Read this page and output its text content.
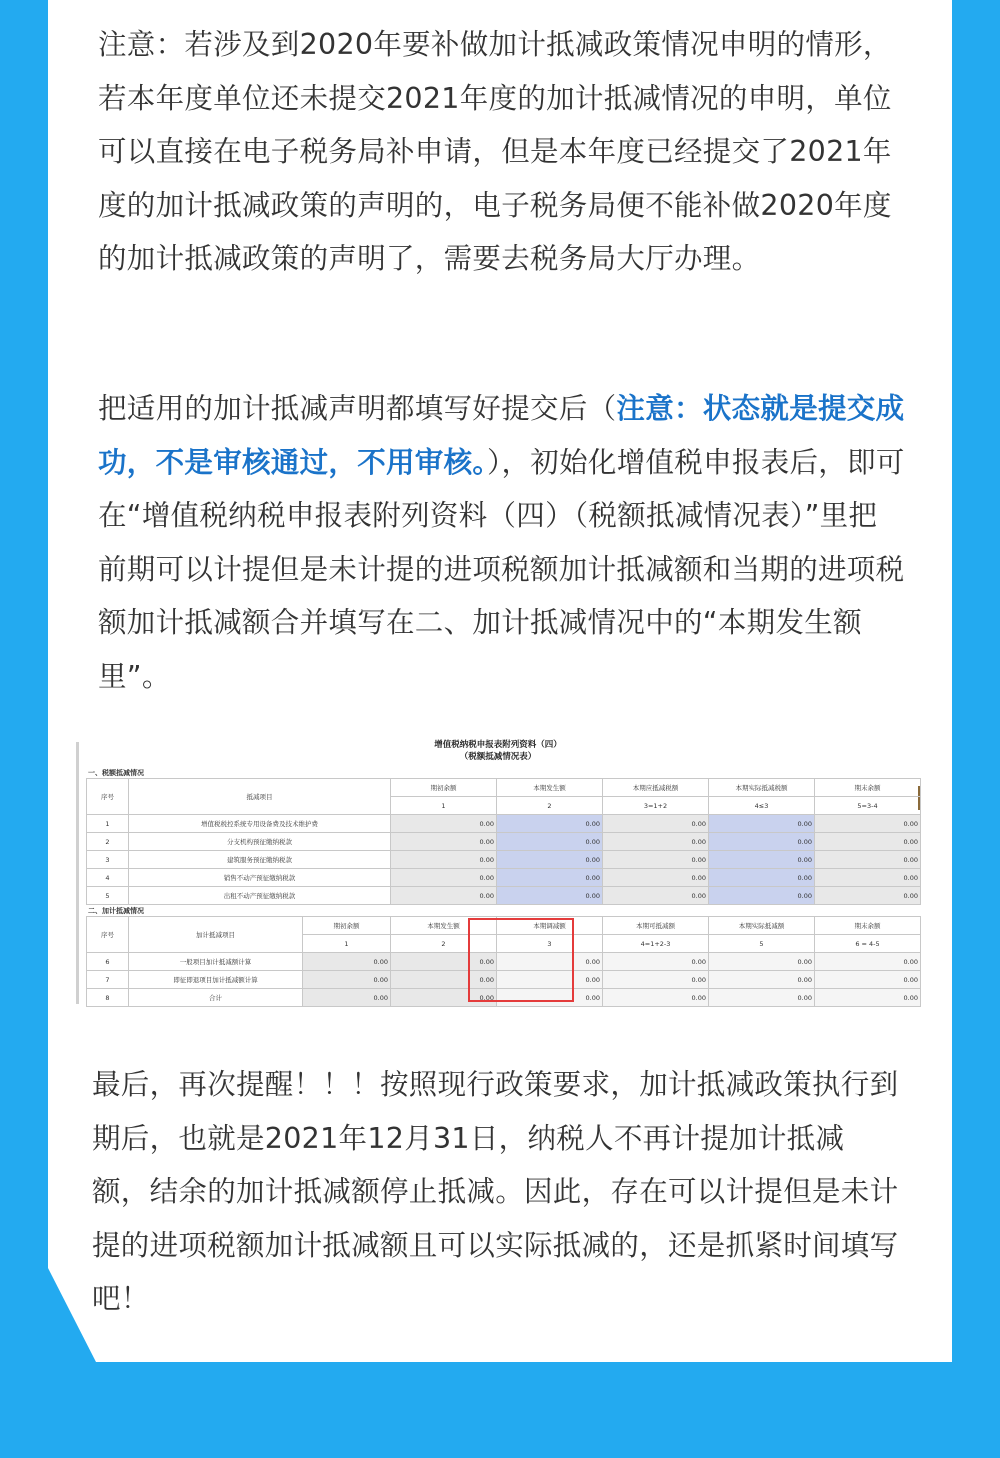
注意：若涉及到2020年要补做加计抵减政策情况申明的情形，若本年度单位还未提交2021年度的加计抵减情况的申明，单位可以直接在电子税务局补申请，但是本年度已经提交了2021年度的加计抵减政策的声明的，电子税务局便不能补做2020年度的加计抵减政策的声明了，需要去税务局大厅办理。

把适用的加计抵减声明都填写好提交后（注意：状态就是提交成功，不是审核通过，不用审核。），初始化增值税申报表后，即可在“增值税纳税申报表附列资料（四）（税额抵减情况表）”里把前期可以计提但是未计提的进项税额加计抵减额和当期的进项税额加计抵减额合并填写在二、加计抵减情况中的“本期发生额里”。

增值税纳税申报表附列资料（四）
（税额抵减情况表）
一、税额抵减情况
序号	抵减项目	期初余额	本期发生额	本期应抵减税额	本期实际抵减税额	期末余额
		1	2	3=1+2	4≤3	5=3-4
1	增值税税控系统专用设备费及技术维护费	0.00	0.00	0.00	0.00	0.00
2	分支机构预征缴纳税款	0.00	0.00	0.00	0.00	0.00
3	建筑服务预征缴纳税款	0.00	0.00	0.00	0.00	0.00
4	销售不动产预征缴纳税款	0.00	0.00	0.00	0.00	0.00
5	出租不动产预征缴纳税款	0.00	0.00	0.00	0.00	0.00
二、加计抵减情况
序号	加计抵减项目	期初余额	本期发生额	本期调减额	本期可抵减额	本期实际抵减额	期末余额
		1	2	3	4=1+2-3	5	6 = 4-5
6	一般项目加计抵减额计算	0.00	0.00	0.00	0.00	0.00	0.00
7	即征即退项目加计抵减额计算	0.00	0.00	0.00	0.00	0.00	0.00
8	合计	0.00	0.00	0.00	0.00	0.00	0.00

最后，再次提醒！！！按照现行政策要求，加计抵减政策执行到期后，也就是2021年12月31日，纳税人不再计提加计抵减额，结余的加计抵减额停止抵减。因此，存在可以计提但是未计提的进项税额加计抵减额且可以实际抵减的，还是抓紧时间填写吧！
